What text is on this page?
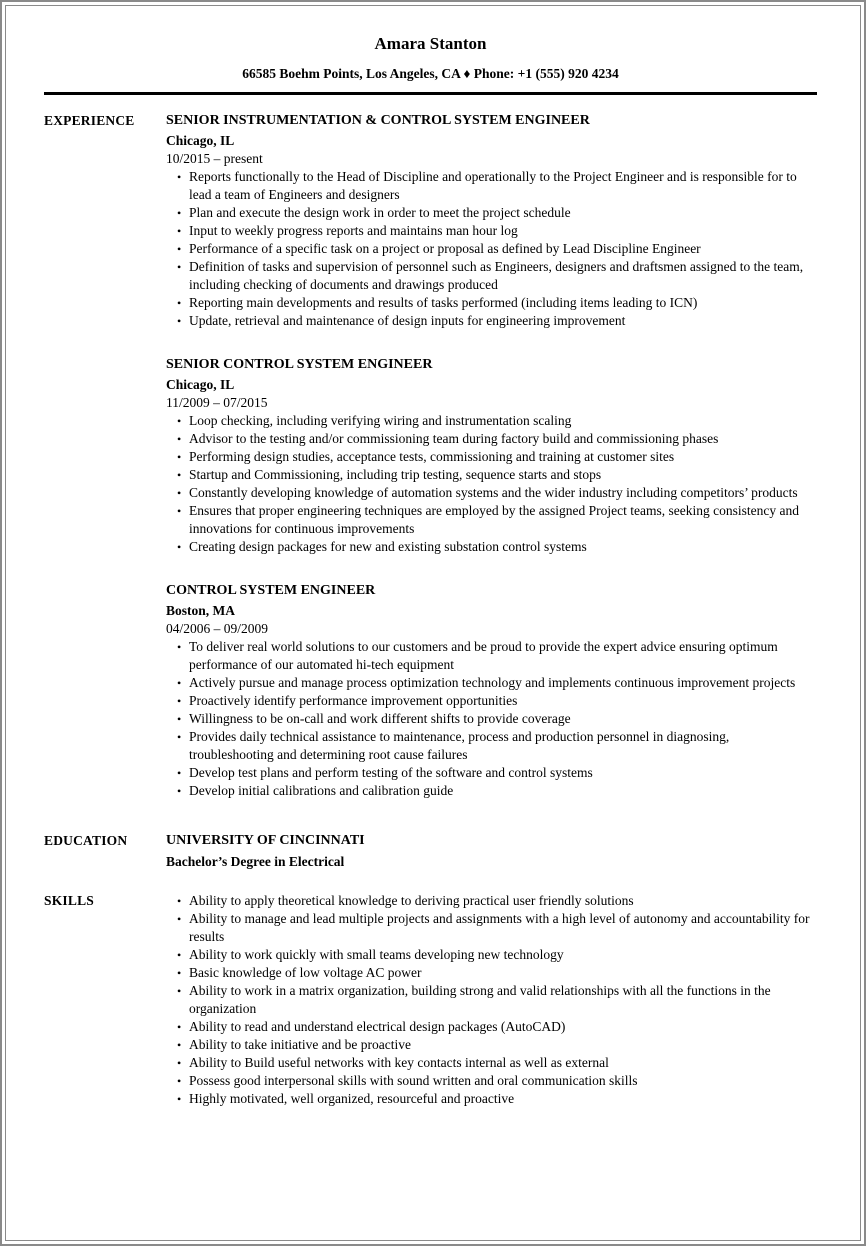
Amara Stanton
66585 Boehm Points, Los Angeles, CA ♦ Phone: +1 (555) 920 4234
EXPERIENCE	SENIOR INSTRUMENTATION & CONTROL SYSTEM ENGINEER
Chicago, IL
10/2015 – present
• Reports functionally to the Head of Discipline and operationally to the Project Engineer and is responsible for to lead a team of Engineers and designers
• Plan and execute the design work in order to meet the project schedule
• Input to weekly progress reports and maintains man hour log
• Performance of a specific task on a project or proposal as defined by Lead Discipline Engineer
• Definition of tasks and supervision of personnel such as Engineers, designers and draftsmen assigned to the team, including checking of documents and drawings produced
• Reporting main developments and results of tasks performed (including items leading to ICN)
• Update, retrieval and maintenance of design inputs for engineering improvement
SENIOR CONTROL SYSTEM ENGINEER
Chicago, IL
11/2009 – 07/2015
• Loop checking, including verifying wiring and instrumentation scaling
• Advisor to the testing and/or commissioning team during factory build and commissioning phases
• Performing design studies, acceptance tests, commissioning and training at customer sites
• Startup and Commissioning, including trip testing, sequence starts and stops
• Constantly developing knowledge of automation systems and the wider industry including competitors’ products
• Ensures that proper engineering techniques are employed by the assigned Project teams, seeking consistency and innovations for continuous improvements
• Creating design packages for new and existing substation control systems
CONTROL SYSTEM ENGINEER
Boston, MA
04/2006 – 09/2009
• To deliver real world solutions to our customers and be proud to provide the expert advice ensuring optimum performance of our automated hi-tech equipment
• Actively pursue and manage process optimization technology and implements continuous improvement projects
• Proactively identify performance improvement opportunities
• Willingness to be on-call and work different shifts to provide coverage
• Provides daily technical assistance to maintenance, process and production personnel in diagnosing, troubleshooting and determining root cause failures
• Develop test plans and perform testing of the software and control systems
• Develop initial calibrations and calibration guide
EDUCATION	UNIVERSITY OF CINCINNATI
Bachelor’s Degree in Electrical
SKILLS	• Ability to apply theoretical knowledge to deriving practical user friendly solutions
• Ability to manage and lead multiple projects and assignments with a high level of autonomy and accountability for results
• Ability to work quickly with small teams developing new technology
• Basic knowledge of low voltage AC power
• Ability to work in a matrix organization, building strong and valid relationships with all the functions in the organization
• Ability to read and understand electrical design packages (AutoCAD)
• Ability to take initiative and be proactive
• Ability to Build useful networks with key contacts internal as well as external
• Possess good interpersonal skills with sound written and oral communication skills
• Highly motivated, well organized, resourceful and proactive
